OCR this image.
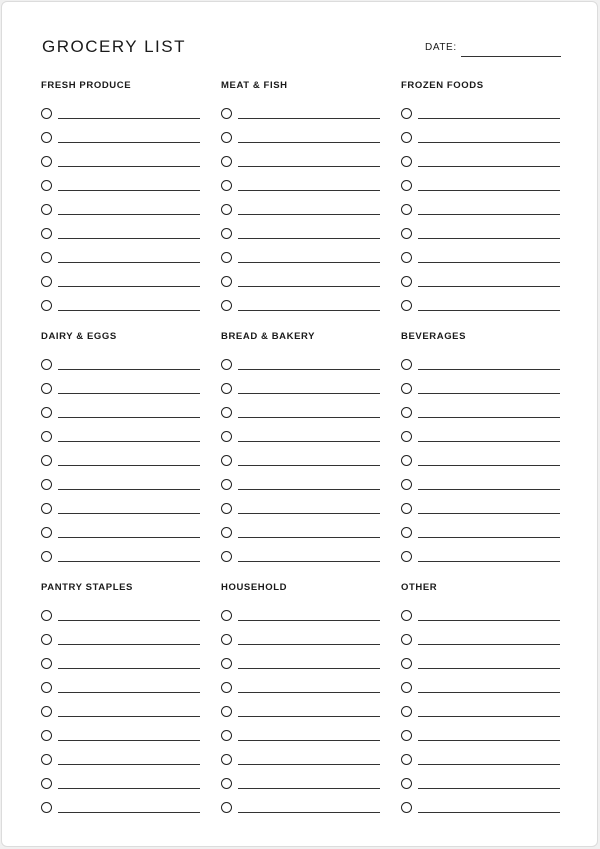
GROCERY LIST	DATE:
FRESH PRODUCE	MEAT & FISH	FROZEN FOODS
DAIRY & EGGS	BREAD & BAKERY	BEVERAGES
PANTRY STAPLES	HOUSEHOLD	OTHER
